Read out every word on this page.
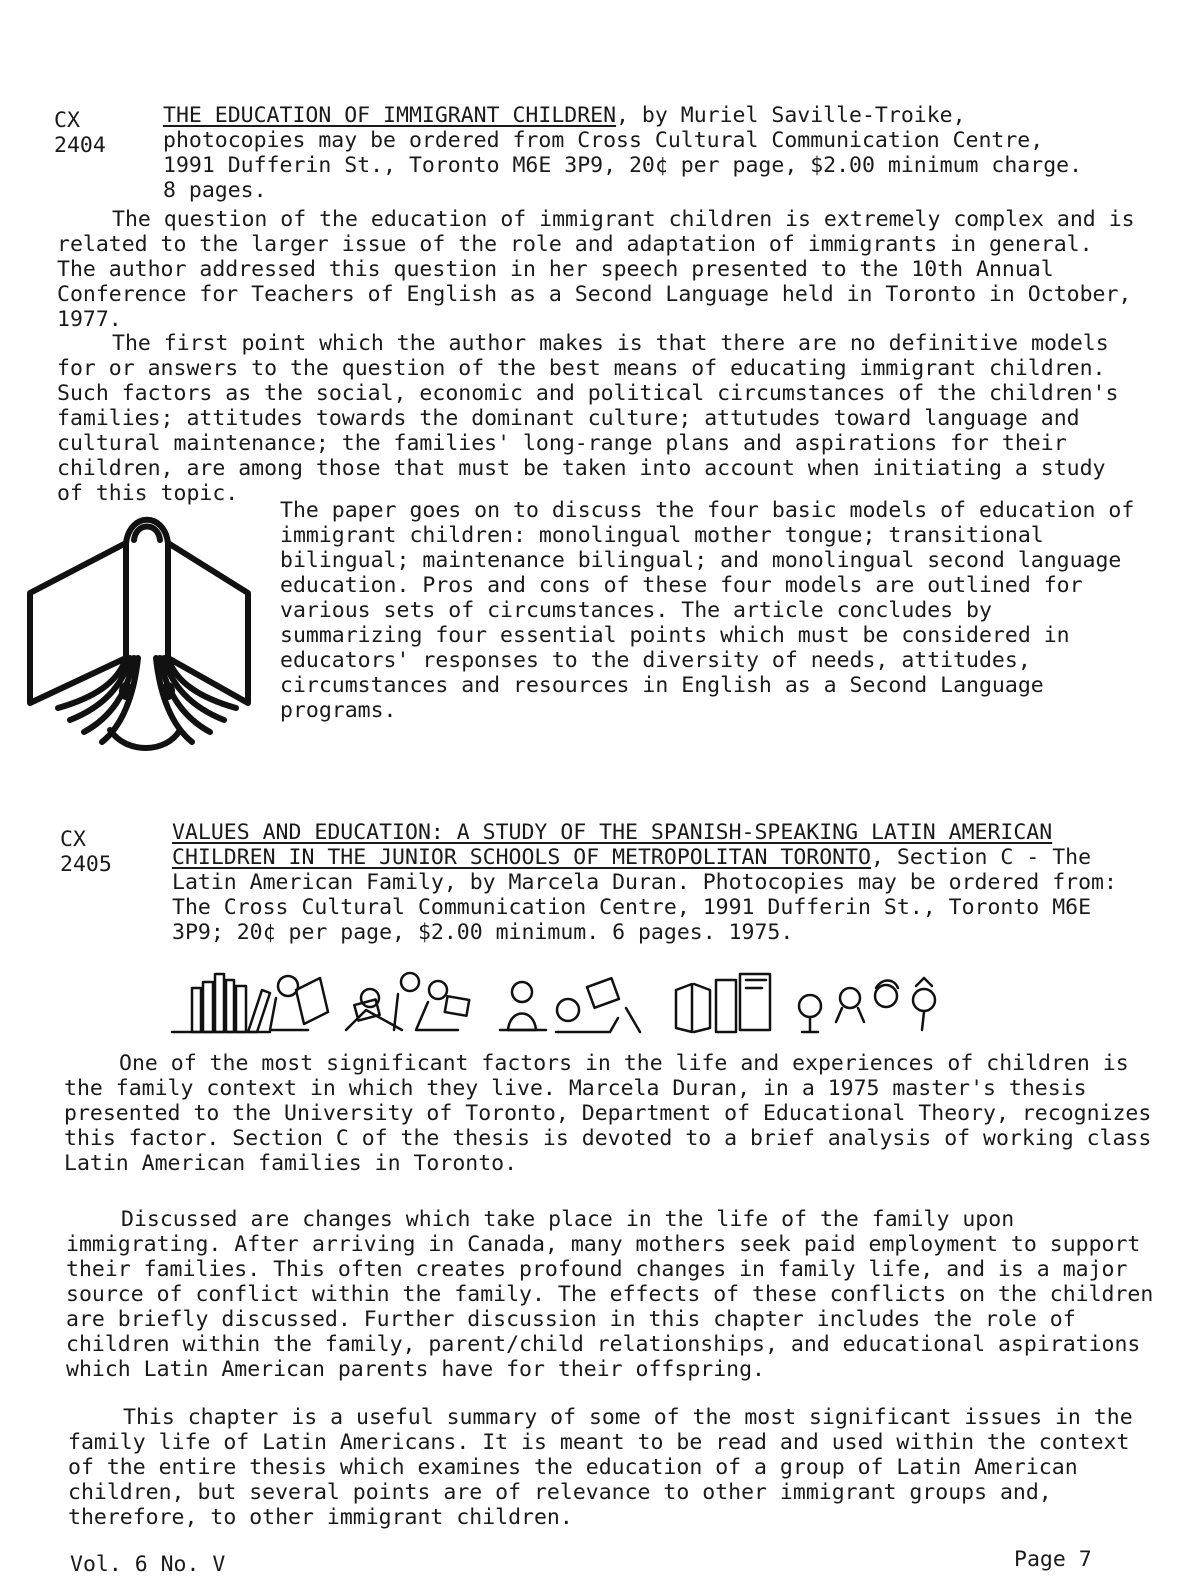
CX
2404
THE EDUCATION OF IMMIGRANT CHILDREN, by Muriel Saville-Troike, photocopies may be ordered from Cross Cultural Communication Centre, 1991 Dufferin St., Toronto M6E 3P9, 20¢ per page, $2.00 minimum charge. 8 pages.

The question of the education of immigrant children is extremely complex and is related to the larger issue of the role and adaptation of immigrants in general. The author addressed this question in her speech presented to the 10th Annual Conference for Teachers of English as a Second Language held in Toronto in October, 1977.

The first point which the author makes is that there are no definitive models for or answers to the question of the best means of educating immigrant children. Such factors as the social, economic and political circumstances of the children's families; attitudes towards the dominant culture; attutudes toward language and cultural maintenance; the families' long-range plans and aspirations for their children, are among those that must be taken into account when initiating a study of this topic.

The paper goes on to discuss the four basic models of education of immigrant children: monolingual mother tongue; transitional bilingual; maintenance bilingual; and monolingual second language education. Pros and cons of these four models are outlined for various sets of circumstances. The article concludes by summarizing four essential points which must be considered in educators' responses to the diversity of needs, attitudes, circumstances and resources in English as a Second Language programs.

CX
2405
VALUES AND EDUCATION: A STUDY OF THE SPANISH-SPEAKING LATIN AMERICAN CHILDREN IN THE JUNIOR SCHOOLS OF METROPOLITAN TORONTO, Section C - The Latin American Family, by Marcela Duran. Photocopies may be ordered from: The Cross Cultural Communication Centre, 1991 Dufferin St., Toronto M6E 3P9; 20¢ per page, $2.00 minimum. 6 pages. 1975.

One of the most significant factors in the life and experiences of children is the family context in which they live. Marcela Duran, in a 1975 master's thesis presented to the University of Toronto, Department of Educational Theory, recognizes this factor. Section C of the thesis is devoted to a brief analysis of working class Latin American families in Toronto.

Discussed are changes which take place in the life of the family upon immigrating. After arriving in Canada, many mothers seek paid employment to support their families. This often creates profound changes in family life, and is a major source of conflict within the family. The effects of these conflicts on the children are briefly discussed. Further discussion in this chapter includes the role of children within the family, parent/child relationships, and educational aspirations which Latin American parents have for their offspring.

This chapter is a useful summary of some of the most significant issues in the family life of Latin Americans. It is meant to be read and used within the context of the entire thesis which examines the education of a group of Latin American children, but several points are of relevance to other immigrant groups and, therefore, to other immigrant children.

Vol. 6 No. V	Page 7
